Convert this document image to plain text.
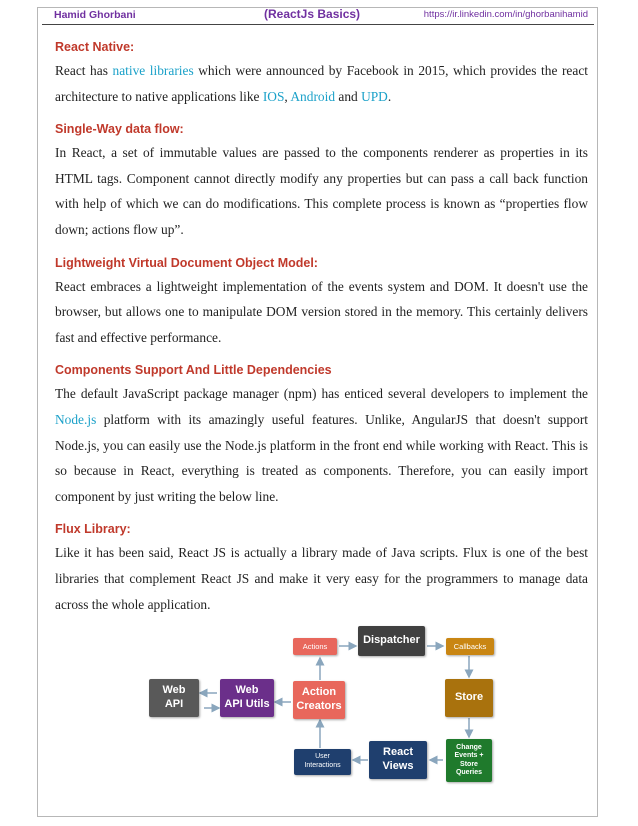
Hamid Ghorbani	(ReactJs Basics)	https://ir.linkedin.com/in/ghorbanihamid
React Native:

React has native libraries which were announced by Facebook in 2015, which provides the react architecture to native applications like IOS, Android and UPD.

Single-Way data flow:

In React, a set of immutable values are passed to the components renderer as properties in its HTML tags. Component cannot directly modify any properties but can pass a call back function with help of which we can do modifications. This complete process is known as “properties flow down; actions flow up”.

Lightweight Virtual Document Object Model:

React embraces a lightweight implementation of the events system and DOM. It doesn't use the browser, but allows one to manipulate DOM version stored in the memory. This certainly delivers fast and effective performance.

Components Support And Little Dependencies

The default JavaScript package manager (npm) has enticed several developers to implement the Node.js platform with its amazingly useful features. Unlike, AngularJS that doesn't support Node.js, you can easily use the Node.js platform in the front end while working with React. This is so because in React, everything is treated as components. Therefore, you can easily import component by just writing the below line.

Flux Library:

Like it has been said, React JS is actually a library made of Java scripts. Flux is one of the best libraries that complement React JS and make it very easy for the programmers to manage data across the whole application.

Actions
Dispatcher
Callbacks
Web
API
Web
API Utils
Action
Creators
Store
Change
Events +
Store
Queries
React
Views
User
Interactions
